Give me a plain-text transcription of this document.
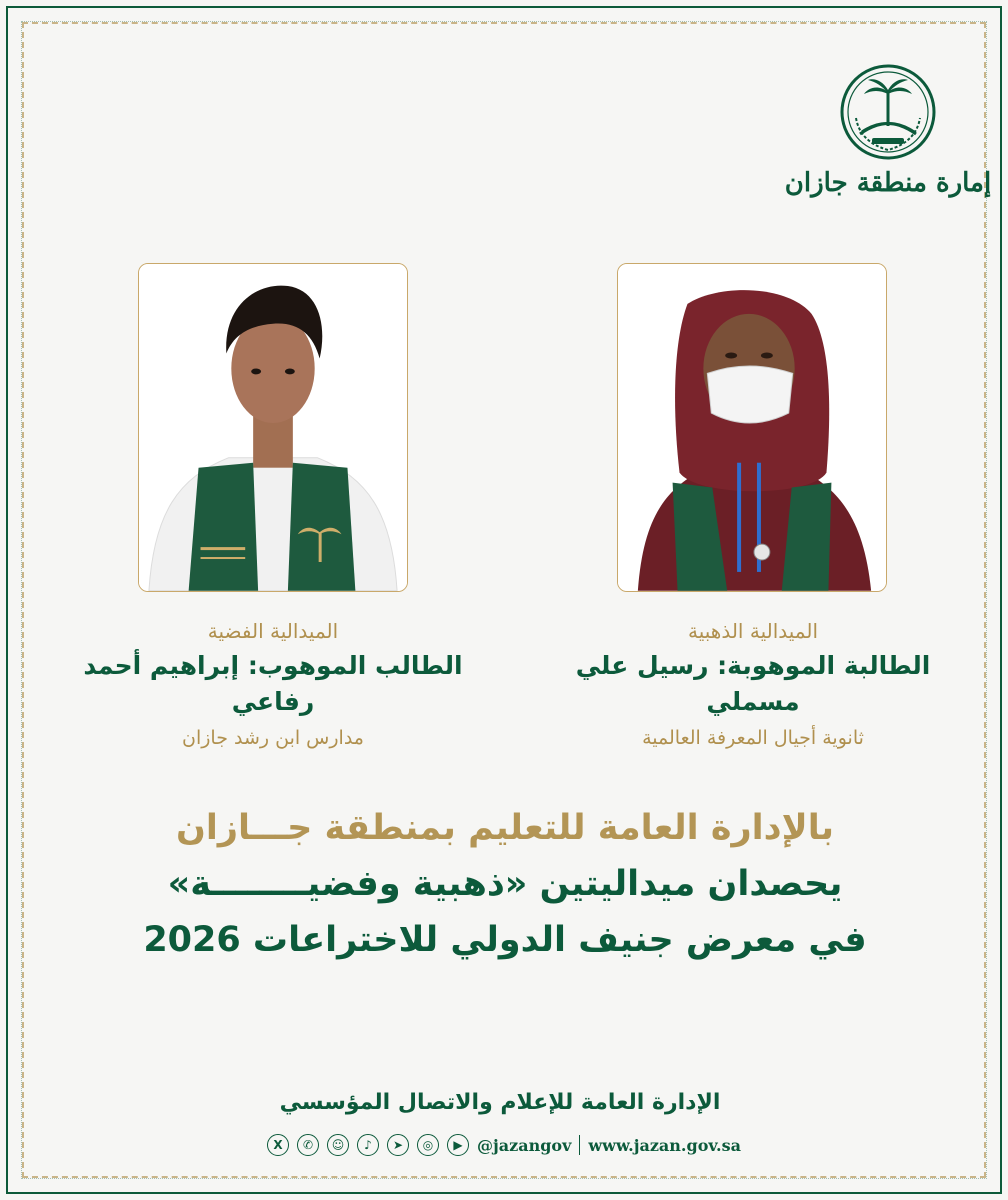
إمارة منطقة جازان
الميدالية الذهبية
الطالبة الموهوبة: رسيل علي مسملي
ثانوية أجيال المعرفة العالمية
الميدالية الفضية
الطالب الموهوب: إبراهيم أحمد رفاعي
مدارس ابن رشد جازان
بالإدارة العامة للتعليم بمنطقة جـــازان
يحصدان ميداليتين «ذهبية وفضيــــــــة»
في معرض جنيف الدولي للاختراعات 2026
الإدارة العامة للإعلام والاتصال المؤسسي
X	✆	☺	♪	➤	◎	▶ @jazangov www.jazan.gov.sa
